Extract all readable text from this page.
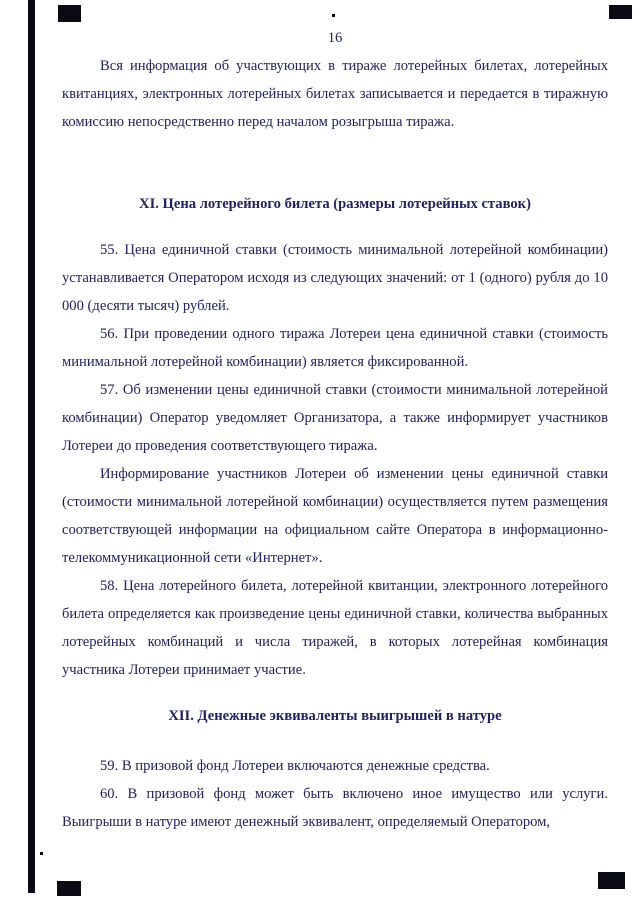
16

Вся информация об участвующих в тираже лотерейных билетах, лотерейных квитанциях, электронных лотерейных билетах записывается и передается в тиражную комиссию непосредственно перед началом розыгрыша тиража.

XI. Цена лотерейного билета (размеры лотерейных ставок)

55. Цена единичной ставки (стоимость минимальной лотерейной комбинации) устанавливается Оператором исходя из следующих значений: от 1 (одного) рубля до 10 000 (десяти тысяч) рублей.

56. При проведении одного тиража Лотереи цена единичной ставки (стоимость минимальной лотерейной комбинации) является фиксированной.

57. Об изменении цены единичной ставки (стоимости минимальной лотерейной комбинации) Оператор уведомляет Организатора, а также информирует участников Лотереи до проведения соответствующего тиража.

Информирование участников Лотереи об изменении цены единичной ставки (стоимости минимальной лотерейной комбинации) осуществляется путем размещения соответствующей информации на официальном сайте Оператора в информационно-телекоммуникационной сети «Интернет».

58. Цена лотерейного билета, лотерейной квитанции, электронного лотерейного билета определяется как произведение цены единичной ставки, количества выбранных лотерейных комбинаций и числа тиражей, в которых лотерейная комбинация участника Лотереи принимает участие.

XII. Денежные эквиваленты выигрышей в натуре

59. В призовой фонд Лотереи включаются денежные средства.

60. В призовой фонд может быть включено иное имущество или услуги. Выигрыши в натуре имеют денежный эквивалент, определяемый Оператором,
